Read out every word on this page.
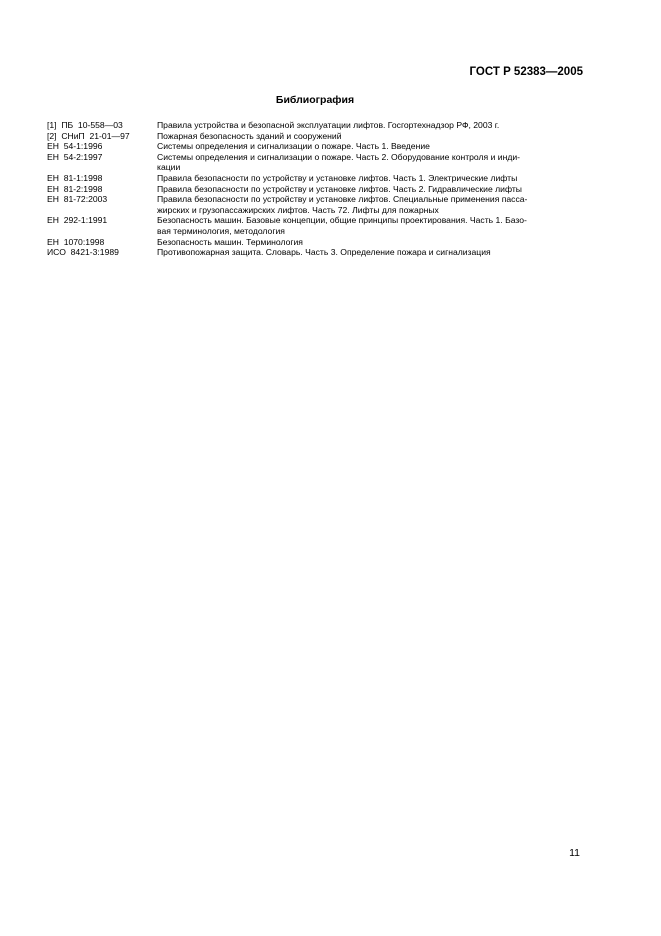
ГОСТ Р 52383—2005
Библиография
[1]  ПБ  10-558—03	Правила устройства и безопасной эксплуатации лифтов. Госгортехнадзор РФ, 2003 г.
[2]  СНиП  21-01—97	Пожарная безопасность зданий и сооружений
ЕН  54-1:1996	Системы определения и сигнализации о пожаре. Часть 1. Введение
ЕН  54-2:1997	Системы определения и сигнализации о пожаре. Часть 2. Оборудование контроля и инди-
кации
ЕН  81-1:1998	Правила безопасности по устройству и установке лифтов. Часть 1. Электрические лифты
ЕН  81-2:1998	Правила безопасности по устройству и установке лифтов. Часть 2. Гидравлические лифты
ЕН  81-72:2003	Правила безопасности по устройству и установке лифтов. Специальные применения пасса-
жирских и грузопассажирских лифтов. Часть 72. Лифты для пожарных
ЕН  292-1:1991	Безопасность машин. Базовые концепции, общие принципы проектирования. Часть 1. Базо-
вая терминология, методология
ЕН  1070:1998	Безопасность машин. Терминология
ИСО  8421-3:1989	Противопожарная защита. Словарь. Часть 3. Определение пожара и сигнализация
11
